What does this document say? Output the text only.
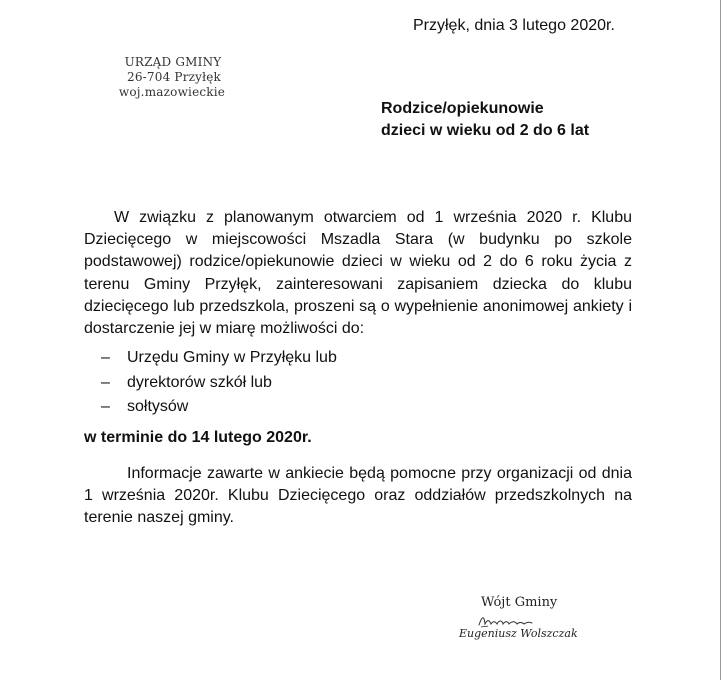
Przyłęk, dnia 3 lutego 2020r.
URZĄD GMINY
26-704 Przyłęk
woj.mazowieckie
Rodzice/opiekunowie
dzieci w wieku od 2 do 6 lat
W związku z planowanym otwarciem od 1 września 2020 r. Klubu Dziecięcego w miejscowości Mszadla Stara (w budynku po szkole podstawowej) rodzice/opiekunowie dzieci w wieku od 2 do 6 roku życia z terenu Gminy Przyłęk, zainteresowani zapisaniem dziecka do klubu dziecięcego lub przedszkola, proszeni są o wypełnienie anonimowej ankiety i dostarczenie jej w miarę możliwości do:
– Urzędu Gminy w Przyłęku lub
– dyrektorów szkół lub
– sołtysów
w terminie do 14 lutego 2020r.
Informacje zawarte w ankiecie będą pomocne przy organizacji od dnia 1 września 2020r. Klubu Dziecięcego oraz oddziałów przedszkolnych na terenie naszej gminy.
Wójt Gminy
Eugeniusz Wolszczak
